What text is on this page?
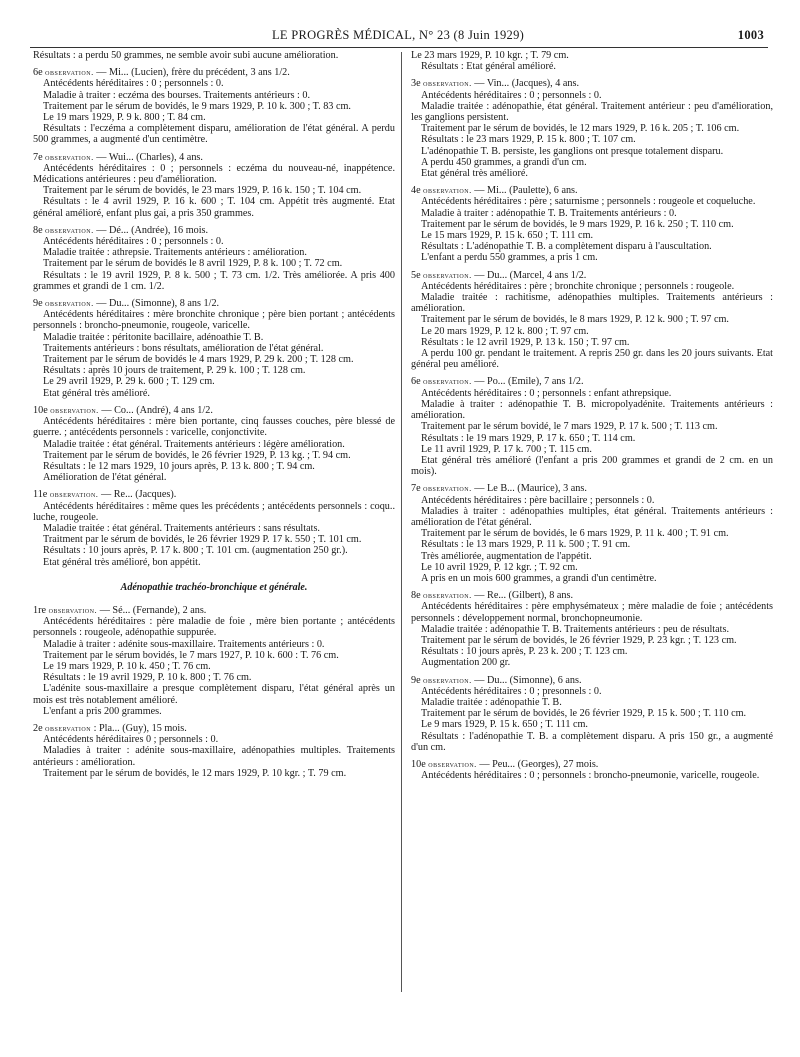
LE PROGRÈS MÉDICAL, N° 23 (8 Juin 1929)	1003

Résultats : a perdu 50 grammes, ne semble avoir subi aucune amélioration.

6e observation. — Mi... (Lucien), frère du précédent, 3 ans 1/2.

Antécédents héréditaires : 0 ; personnels : 0.

Maladie à traiter : eczéma des bourses. Traitements antérieurs : 0.

Traitement par le sérum de bovidés, le 9 mars 1929, P. 10 k. 300 ; T. 83 cm.

Le 19 mars 1929, P. 9 k. 800 ; T. 84 cm.

Résultats : l'eczéma a complètement disparu, amélioration de l'état général. A perdu 500 grammes, a augmenté d'un centimètre.

7e observation. — Wui... (Charles), 4 ans.

Antécédents héréditaires : 0 ; personnels : eczéma du nouveau-né, inappétence. Médications antérieures : peu d'amélioration.

Traitement par le sérum de bovidés, le 23 mars 1929, P. 16 k. 150 ; T. 104 cm.

Résultats : le 4 avril 1929, P. 16 k. 600 ; T. 104 cm. Appétit très augmenté. Etat général amélioré, enfant plus gai, a pris 350 grammes.

8e observation. — Dé... (Andrée), 16 mois.

Antécédents héréditaires : 0 ; personnels : 0.

Maladie traitée : athrepsie. Traitements antérieurs : amélioration.

Traitement par le sérum de bovidés le 8 avril 1929, P. 8 k. 100 ; T. 72 cm.

Résultats : le 19 avril 1929, P. 8 k. 500 ; T. 73 cm. 1/2. Très améliorée. A pris 400 grammes et grandi de 1 cm. 1/2.

9e observation. — Du... (Simonne), 8 ans 1/2.

Antécédents héréditaires : mère bronchite chronique ; père bien portant ; antécédents personnels : broncho-pneumonie, rougeole, varicelle.

Maladie traitée : péritonite bacillaire, adénoathie T. B.

Traitements antérieurs : bons résultats, amélioration de l'état général.

Traitement par le sérum de bovidés le 4 mars 1929, P. 29 k. 200 ; T. 128 cm.

Résultats : après 10 jours de traitement, P. 29 k. 100 ; T. 128 cm.

Le 29 avril 1929, P. 29 k. 600 ; T. 129 cm.

Etat général très amélioré.

10e observation. — Co... (André), 4 ans 1/2.

Antécédents héréditaires : mère bien portante, cinq fausses couches, père blessé de guerre. ; antécédents personnels : varicelle, conjonctivite.

Maladie traitée : état général. Traitements antérieurs : légère amélioration.

Traitement par le sérum de bovidés, le 26 février 1929, P. 13 kg. ; T. 94 cm.

Résultats : le 12 mars 1929, 10 jours après, P. 13 k. 800 ; T. 94 cm.

Amélioration de l'état général.

11e observation. — Re... (Jacques).

Antécédents héréditaires : même ques les précédents ; antécédents personnels : coqu.. luche, rougeole.

Maladie traitée : état général. Traitements antérieurs : sans résultats.

Traitment par le sérum de bovidés, le 26 février 1929 P. 17 k. 550 ; T. 101 cm.

Résultats : 10 jours après, P. 17 k. 800 ; T. 101 cm. (augmentation 250 gr.).

Etat général très amélioré, bon appétit.

Adénopathie trachéo-bronchique et générale.

1re observation. — Sé... (Fernande), 2 ans.

Antécédents héréditaires : père maladie de foie , mère bien portante ; antécédents personnels : rougeole, adénopathie suppurée.

Maladie à traiter : adénite sous-maxillaire. Traitements antérieurs : 0.

Traitement par le sérum bovidés, le 7 mars 1927, P. 10 k. 600 : T. 76 cm.

Le 19 mars 1929, P. 10 k. 450 ; T. 76 cm.

Résultats : le 19 avril 1929, P. 10 k. 800 ; T. 76 cm.

L'adénite sous-maxillaire a presque complètement disparu, l'état général après un mois est très notablement amélioré.

L'enfant a pris 200 grammes.

2e observation : Pla... (Guy), 15 mois.

Antécédents héréditaires 0 ; personnels : 0.

Maladies à traiter : adénite sous-maxillaire, adénopathies multiples. Traitements antérieurs : amélioration.

Traitement par le sérum de bovidés, le 12 mars 1929, P. 10 kgr. ; T. 79 cm.

Le 23 mars 1929, P. 10 kgr. ; T. 79 cm.

Résultats : Etat général amélioré.

3e observation. — Vin... (Jacques), 4 ans.

Antécédents héréditaires : 0 ; personnels : 0.

Maladie traitée : adénopathie, état général. Traitement antérieur : peu d'amélioration, les ganglions persistent.

Traitement par le sérum de bovidés, le 12 mars 1929, P. 16 k. 205 ; T. 106 cm.

Résultats : le 23 mars 1929, P. 15 k. 800 ; T. 107 cm.

L'adénopathie T. B. persiste, les ganglions ont presque totalement disparu.

A perdu 450 grammes, a grandi d'un cm.

Etat général très amélioré.

4e observation. — Mi... (Paulette), 6 ans.

Antécédents héréditaires : père ; saturnisme ; personnels : rougeole et coqueluche.

Maladie à traiter : adénopathie T. B. Traitements antérieurs : 0.

Traitement par le sérum de bovidés, le 9 mars 1929, P. 16 k. 250 ; T. 110 cm.

Le 15 mars 1929, P. 15 k. 650 ; T. 111 cm.

Résultats : L'adénopathie T. B. a complètement disparu à l'auscultation.

L'enfant a perdu 550 grammes, a pris 1 cm.

5e observation. — Du... (Marcel, 4 ans 1/2.

Antécédents héréditaires : père ; bronchite chronique ; personnels : rougeole.

Maladie traitée : rachitisme, adénopathies multiples. Traitements antérieurs : amélioration.

Traitement par le sérum de bovidés, le 8 mars 1929, P. 12 k. 900 ; T. 97 cm.

Le 20 mars 1929, P. 12 k. 800 ; T. 97 cm.

Résultats : le 12 avril 1929, P. 13 k. 150 ; T. 97 cm.

A perdu 100 gr. pendant le traitement. A repris 250 gr. dans les 20 jours suivants. Etat général peu amélioré.

6e observation. — Po... (Emile), 7 ans 1/2.

Antécédents héréditaires : 0 ; personnels : enfant athrepsique.

Maladie à traiter : adénopathie T. B. micropolyadénite. Traitements antérieurs : amélioration.

Traitement par le sérum bovidé, le 7 mars 1929, P. 17 k. 500 ; T. 113 cm.

Résultats : le 19 mars 1929, P. 17 k. 650 ; T. 114 cm.

Le 11 avril 1929, P. 17 k. 700 ; T. 115 cm.

Etat général très amélioré (l'enfant a pris 200 grammes et grandi de 2 cm. en un mois).

7e observation. — Le B... (Maurice), 3 ans.

Antécédents héréditaires : père bacillaire ; personnels : 0.

Maladies à traiter : adénopathies multiples, état général. Traitements antérieurs : amélioration de l'état général.

Traitement par le sérum de bovidés, le 6 mars 1929, P. 11 k. 400 ; T. 91 cm.

Résultats : le 13 mars 1929, P. 11 k. 500 ; T. 91 cm.

Très améliorée, augmentation de l'appétit.

Le 10 avril 1929, P. 12 kgr. ; T. 92 cm.

A pris en un mois 600 grammes, a grandi d'un centimètre.

8e observation. — Re... (Gilbert), 8 ans.

Antécédents héréditaires : père emphysémateux ; mère maladie de foie ; antécédents personnels : développement normal, bronchopneumonie.

Maladie traitée : adénopathie T. B. Traitements antérieurs : peu de résultats.

Traitement par le sérum de bovidés, le 26 février 1929, P. 23 kgr. ; T. 123 cm.

Résultats : 10 jours après, P. 23 k. 200 ; T. 123 cm.

Augmentation 200 gr.

9e observation. — Du... (Simonne), 6 ans.

Antécédents héréditaires : 0 ; presonnels : 0.

Maladie traitée : adénopathie T. B.

Traitement par le sérum de bovidés, le 26 février 1929, P. 15 k. 500 ; T. 110 cm.

Le 9 mars 1929, P. 15 k. 650 ; T. 111 cm.

Résultats : l'adénopathie T. B. a complètement disparu. A pris 150 gr., a augmenté d'un cm.

10e observation. — Peu... (Georges), 27 mois.

Antécédents héréditaires : 0 ; personnels : broncho-pneumonie, varicelle, rougeole.
